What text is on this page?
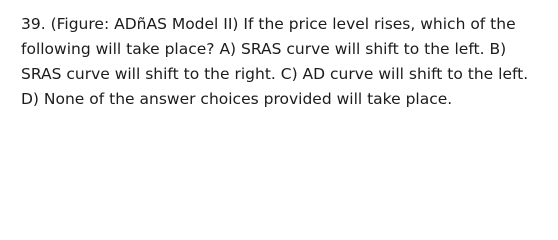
39. (Figure: ADñAS Model II) If the price level rises, which of the
following will take place? A) SRAS curve will shift to the left. B)
SRAS curve will shift to the right. C) AD curve will shift to the left.
D) None of the answer choices provided will take place.
